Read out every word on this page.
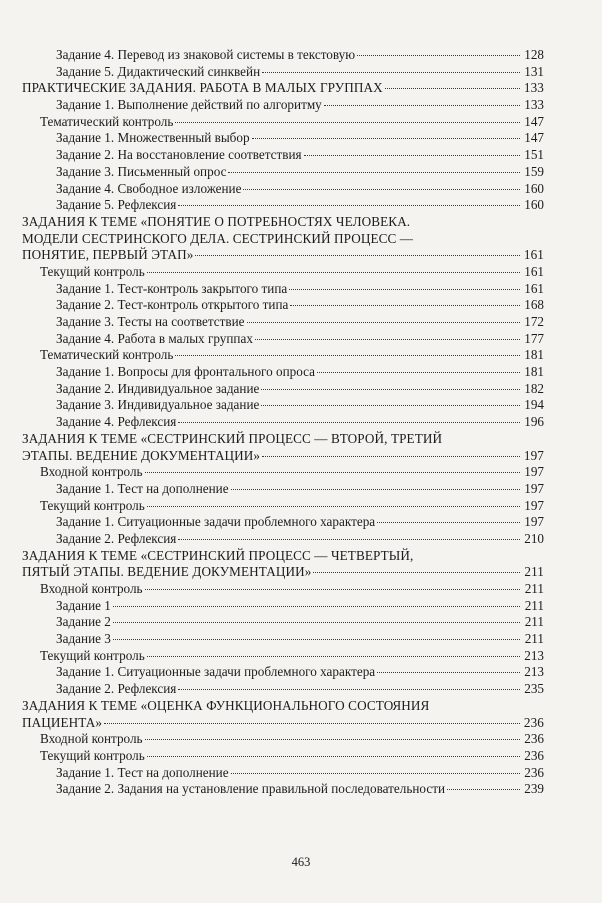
Задание 4. Перевод из знаковой системы в текстовую	128
Задание 5. Дидактический синквейн	131
ПРАКТИЧЕСКИЕ ЗАДАНИЯ. РАБОТА В МАЛЫХ ГРУППАХ	133
Задание 1. Выполнение действий по алгоритму	133
Тематический контроль	147
Задание 1. Множественный выбор	147
Задание 2. На восстановление соответствия	151
Задание 3. Письменный опрос	159
Задание 4. Свободное изложение	160
Задание 5. Рефлексия	160
ЗАДАНИЯ К ТЕМЕ «ПОНЯТИЕ О ПОТРЕБНОСТЯХ ЧЕЛОВЕКА.
МОДЕЛИ СЕСТРИНСКОГО ДЕЛА. СЕСТРИНСКИЙ ПРОЦЕСС —
ПОНЯТИЕ, ПЕРВЫЙ ЭТАП»	161
Текущий контроль	161
Задание 1. Тест-контроль закрытого типа	161
Задание 2. Тест-контроль открытого типа	168
Задание 3. Тесты на соответствие	172
Задание 4. Работа в малых группах	177
Тематический контроль	181
Задание 1. Вопросы для фронтального опроса	181
Задание 2. Индивидуальное задание	182
Задание 3. Индивидуальное задание	194
Задание 4. Рефлексия	196
ЗАДАНИЯ К ТЕМЕ «СЕСТРИНСКИЙ ПРОЦЕСС — ВТОРОЙ, ТРЕТИЙ
ЭТАПЫ. ВЕДЕНИЕ ДОКУМЕНТАЦИИ»	197
Входной контроль	197
Задание 1. Тест на дополнение	197
Текущий контроль	197
Задание 1. Ситуационные задачи проблемного характера	197
Задание 2. Рефлексия	210
ЗАДАНИЯ К ТЕМЕ «СЕСТРИНСКИЙ ПРОЦЕСС — ЧЕТВЕРТЫЙ,
ПЯТЫЙ ЭТАПЫ. ВЕДЕНИЕ ДОКУМЕНТАЦИИ»	211
Входной контроль	211
Задание 1	211
Задание 2	211
Задание 3	211
Текущий контроль	213
Задание 1. Ситуационные задачи проблемного характера	213
Задание 2. Рефлексия	235
ЗАДАНИЯ К ТЕМЕ «ОЦЕНКА ФУНКЦИОНАЛЬНОГО СОСТОЯНИЯ
ПАЦИЕНТА»	236
Входной контроль	236
Текущий контроль	236
Задание 1. Тест на дополнение	236
Задание 2. Задания на установление правильной последовательности	239
463
